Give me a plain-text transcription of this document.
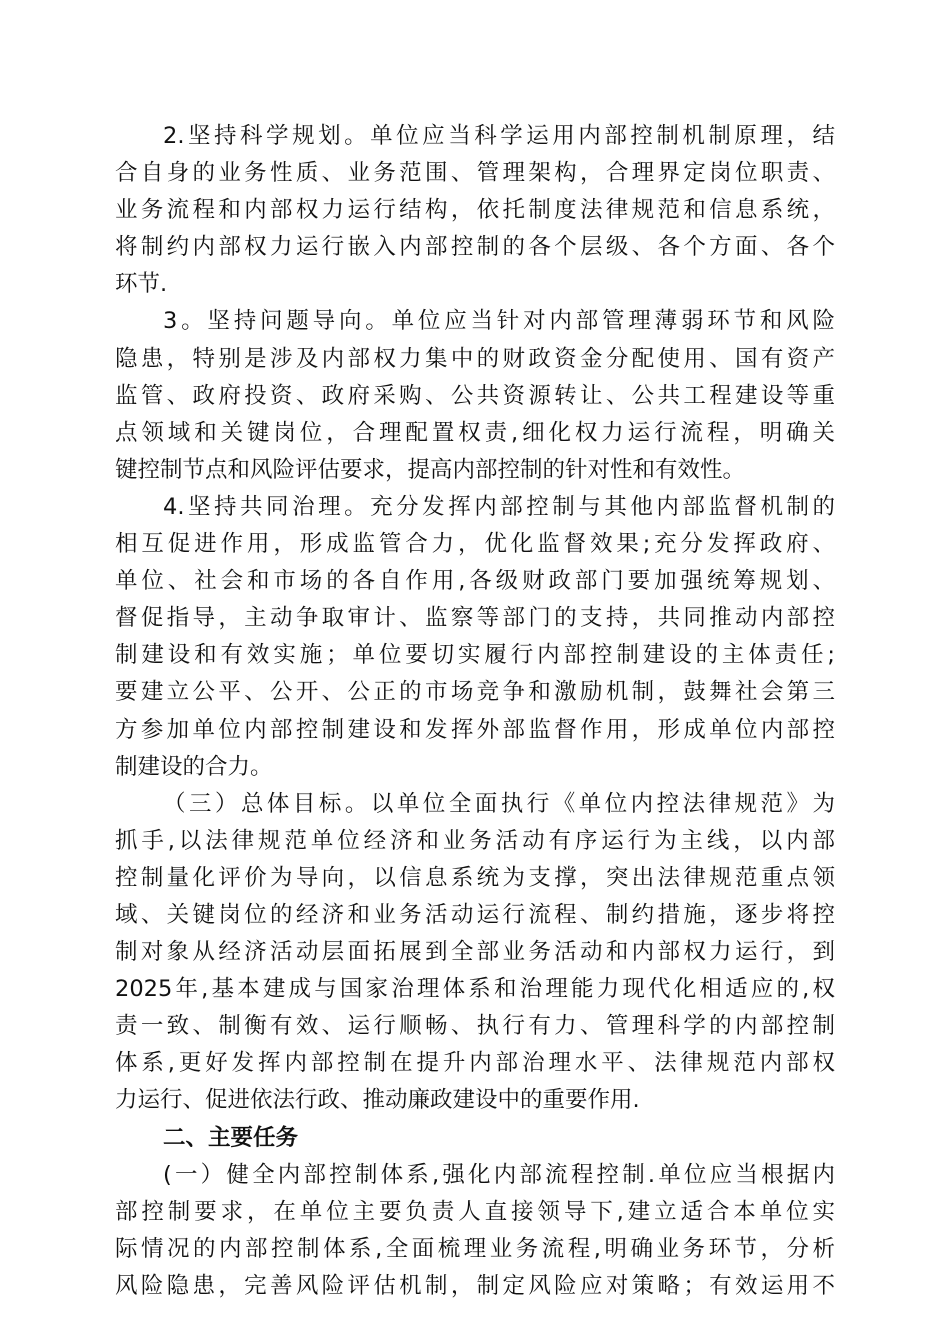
2.坚持科学规划。单位应当科学运用内部控制机制原理，结
合自身的业务性质、业务范围、管理架构，合理界定岗位职责、
业务流程和内部权力运行结构，依托制度法律规范和信息系统，
将制约内部权力运行嵌入内部控制的各个层级、各个方面、各个
环节.
3。坚持问题导向。单位应当针对内部管理薄弱环节和风险
隐患，特别是涉及内部权力集中的财政资金分配使用、国有资产
监管、政府投资、政府采购、公共资源转让、公共工程建设等重
点领域和关键岗位，合理配置权责,细化权力运行流程，明确关
键控制节点和风险评估要求，提高内部控制的针对性和有效性。
4.坚持共同治理。充分发挥内部控制与其他内部监督机制的
相互促进作用，形成监管合力，优化监督效果;充分发挥政府、
单位、社会和市场的各自作用,各级财政部门要加强统筹规划、
督促指导，主动争取审计、监察等部门的支持，共同推动内部控
制建设和有效实施；单位要切实履行内部控制建设的主体责任;
要建立公平、公开、公正的市场竞争和激励机制，鼓舞社会第三
方参加单位内部控制建设和发挥外部监督作用，形成单位内部控
制建设的合力。
（三）总体目标。以单位全面执行《单位内控法律规范》为
抓手,以法律规范单位经济和业务活动有序运行为主线，以内部
控制量化评价为导向，以信息系统为支撑，突出法律规范重点领
域、关键岗位的经济和业务活动运行流程、制约措施，逐步将控
制对象从经济活动层面拓展到全部业务活动和内部权力运行，到
2025年,基本建成与国家治理体系和治理能力现代化相适应的,权
责一致、制衡有效、运行顺畅、执行有力、管理科学的内部控制
体系,更好发挥内部控制在提升内部治理水平、法律规范内部权
力运行、促进依法行政、推动廉政建设中的重要作用.
二、主要任务
(一）健全内部控制体系,强化内部流程控制.单位应当根据内
部控制要求，在单位主要负责人直接领导下,建立适合本单位实
际情况的内部控制体系,全面梳理业务流程,明确业务环节，分析
风险隐患，完善风险评估机制，制定风险应对策略；有效运用不
